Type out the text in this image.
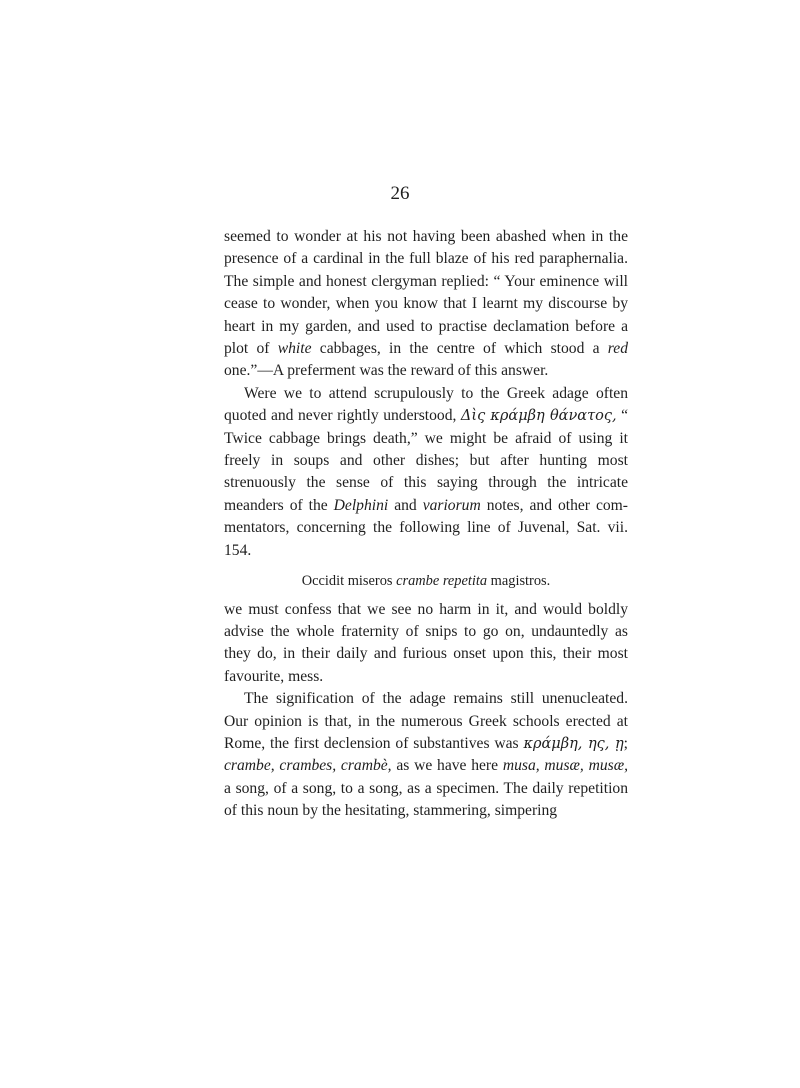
26

seemed to wonder at his not having been abashed when in the presence of a cardinal in the full blaze of his red paraphernalia. The simple and honest clergyman replied: “ Your eminence will cease to wonder, when you know that I learnt my discourse by heart in my garden, and used to practise declamation before a plot of white cabbages, in the centre of which stood a red one.”—A preferment was the reward of this answer.

Were we to attend scrupulously to the Greek adage often quoted and never rightly understood, Δὶς κράμβη θάνατος, “ Twice cabbage brings death,” we might be afraid of using it freely in soups and other dishes; but after hunting most strenuously the sense of this saying through the intricate meanders of the Delphini and variorum notes, and other commentators, concerning the following line of Juvenal, Sat. vii. 154.

Occidit miseros crambe repetita magistros.

we must confess that we see no harm in it, and would boldly advise the whole fraternity of snips to go on, undauntedly as they do, in their daily and furious onset upon this, their most favourite, mess.

The signification of the adage remains still unenucleated. Our opinion is that, in the numerous Greek schools erected at Rome, the first declension of substantives was κράμβη, ης, ῃ; crambe, crambes, crambè, as we have here musa, musæ, musæ, a song, of a song, to a song, as a specimen. The daily repetition of this noun by the hesitating, stammering, simpering
